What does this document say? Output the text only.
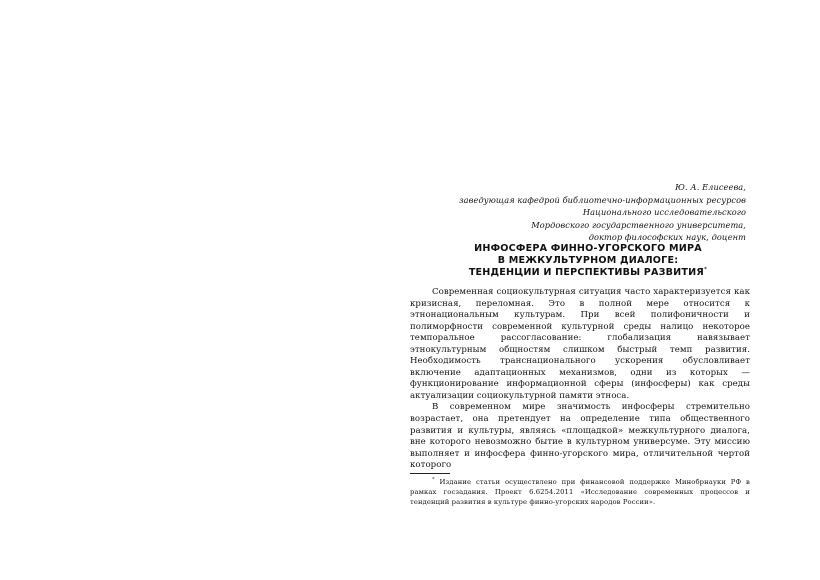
Ю. А. Елисеева,
заведующая кафедрой библиотечно-информационных ресурсов
Национального исследовательского
Мордовского государственного университета,
доктор философских наук, доцент
ИНФОСФЕРА ФИННО-УГОРСКОГО МИРА
В МЕЖКУЛЬТУРНОМ ДИАЛОГЕ:
ТЕНДЕНЦИИ И ПЕРСПЕКТИВЫ РАЗВИТИЯ*

Современная социокультурная ситуация часто характеризуется как кризисная, переломная. Это в полной мере относится к этнонациональным культурам. При всей полифоничности и полиморфности современной культурной среды налицо некоторое темпоральное рассогласование: глобализация навязывает этнокультурным общностям слишком быстрый темп развития. Необходимость транснационального ускорения обусловливает включение адаптационных механизмов, одни из которых — функционирование информационной сферы (инфосферы) как среды актуализации социокультурной памяти этноса.

В современном мире значимость инфосферы стремительно возрастает, она претендует на определение типа общественного развития и культуры, являясь «площадкой» межкультурного диалога, вне которого невозможно бытие в культурном универсуме. Эту миссию выполняет и инфосфера финно-угорского мира, отличительной чертой которого

* Издание статьи осуществлено при финансовой поддержке Минобрнауки РФ в рамках госзадания. Проект 6.6254.2011 «Исследование современных процессов и тенденций развития в культуре финно-угорских народов России».
